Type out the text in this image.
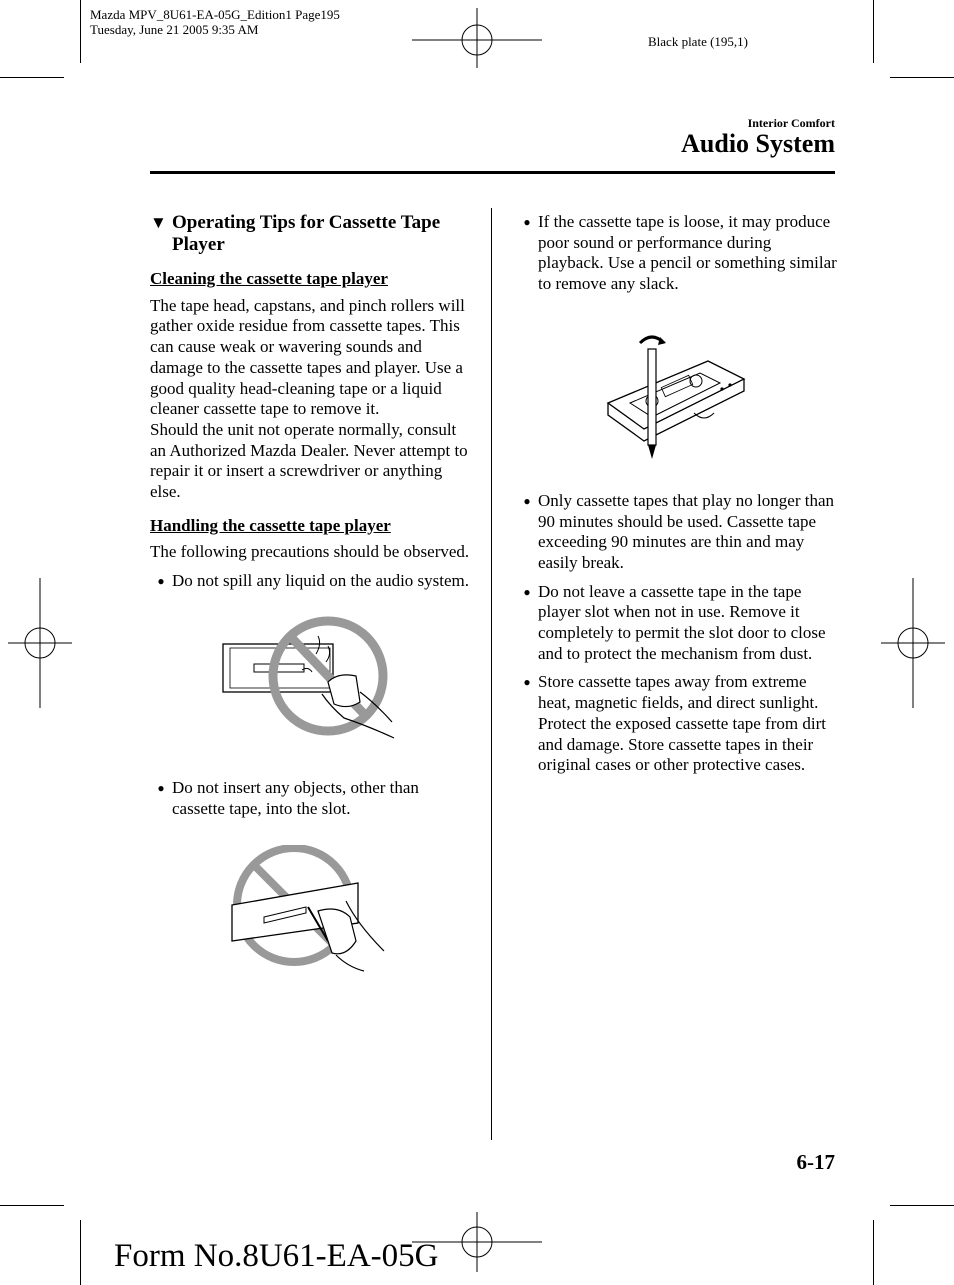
Mazda MPV_8U61-EA-05G_Edition1 Page195
Tuesday, June 21 2005 9:35 AM
Black plate (195,1)
Interior Comfort
Audio System
▼ Operating Tips for Cassette Tape Player
Cleaning the cassette tape player

The tape head, capstans, and pinch rollers will gather oxide residue from cassette tapes. This can cause weak or wavering sounds and damage to the cassette tapes and player. Use a good quality head-cleaning tape or a liquid cleaner cassette tape to remove it.

Should the unit not operate normally, consult an Authorized Mazda Dealer. Never attempt to repair it or insert a screwdriver or anything else.

Handling the cassette tape player

The following precautions should be observed.

● Do not spill any liquid on the audio system.
● Do not insert any objects, other than cassette tape, into the slot.
● If the cassette tape is loose, it may produce poor sound or performance during playback. Use a pencil or something similar to remove any slack.
● Only cassette tapes that play no longer than 90 minutes should be used. Cassette tape exceeding 90 minutes are thin and may easily break.
● Do not leave a cassette tape in the tape player slot when not in use. Remove it completely to permit the slot door to close and to protect the mechanism from dust.
● Store cassette tapes away from extreme heat, magnetic fields, and direct sunlight. Protect the exposed cassette tape from dirt and damage. Store cassette tapes in their original cases or other protective cases.
6-17
Form No.8U61-EA-05G
